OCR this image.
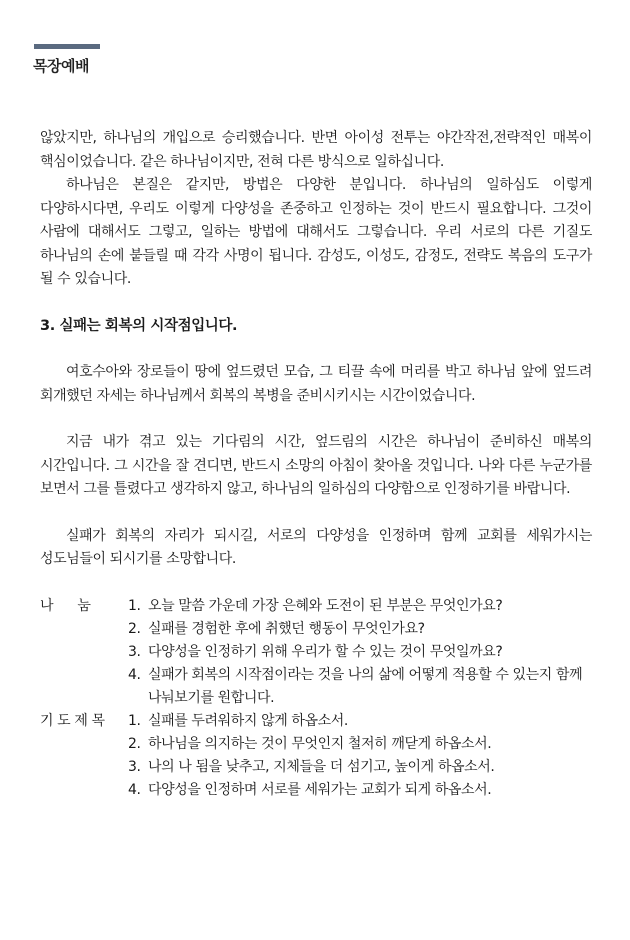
목장예배

않았지만, 하나님의 개입으로 승리했습니다. 반면 아이성 전투는 야간작전,전략적인 매복이 핵심이었습니다. 같은 하나님이지만, 전혀 다른 방식으로 일하십니다.

하나님은 본질은 같지만, 방법은 다양한 분입니다. 하나님의 일하심도 이렇게 다양하시다면, 우리도 이렇게 다양성을 존중하고 인정하는 것이 반드시 필요합니다. 그것이 사람에 대해서도 그렇고, 일하는 방법에 대해서도 그렇습니다. 우리 서로의 다른 기질도 하나님의 손에 붙들릴 때 각각 사명이 됩니다. 감성도, 이성도, 감정도, 전략도 복음의 도구가 될 수 있습니다.

3. 실패는 회복의 시작점입니다.

여호수아와 장로들이 땅에 엎드렸던 모습, 그 티끌 속에 머리를 박고 하나님 앞에 엎드려 회개했던 자세는 하나님께서 회복의 복병을 준비시키시는 시간이었습니다.

지금 내가 겪고 있는 기다림의 시간, 엎드림의 시간은 하나님이 준비하신 매복의 시간입니다. 그 시간을 잘 견디면, 반드시 소망의 아침이 찾아올 것입니다. 나와 다른 누군가를 보면서 그를 틀렸다고 생각하지 않고, 하나님의 일하심의 다양함으로 인정하기를 바랍니다.

실패가 회복의 자리가 되시길, 서로의 다양성을 인정하며 함께 교회를 세워가시는 성도님들이 되시기를 소망합니다.

나      눔	1. 오늘 말씀 가운데 가장 은혜와 도전이 된 부분은 무엇인가요?
2. 실패를 경험한 후에 취했던 행동이 무엇인가요?
3. 다양성을 인정하기 위해 우리가 할 수 있는 것이 무엇일까요?
4. 실패가 회복의 시작점이라는 것을 나의 삶에 어떻게 적용할 수 있는지 함께 나눠보기를 원합니다.
기 도 제 목	1. 실패를 두려워하지 않게 하옵소서.
2. 하나님을 의지하는 것이 무엇인지 철저히 깨닫게 하옵소서.
3. 나의 나 됨을 낮추고, 지체들을 더 섬기고, 높이게 하옵소서.
4. 다양성을 인정하며 서로를 세워가는 교회가 되게 하옵소서.
